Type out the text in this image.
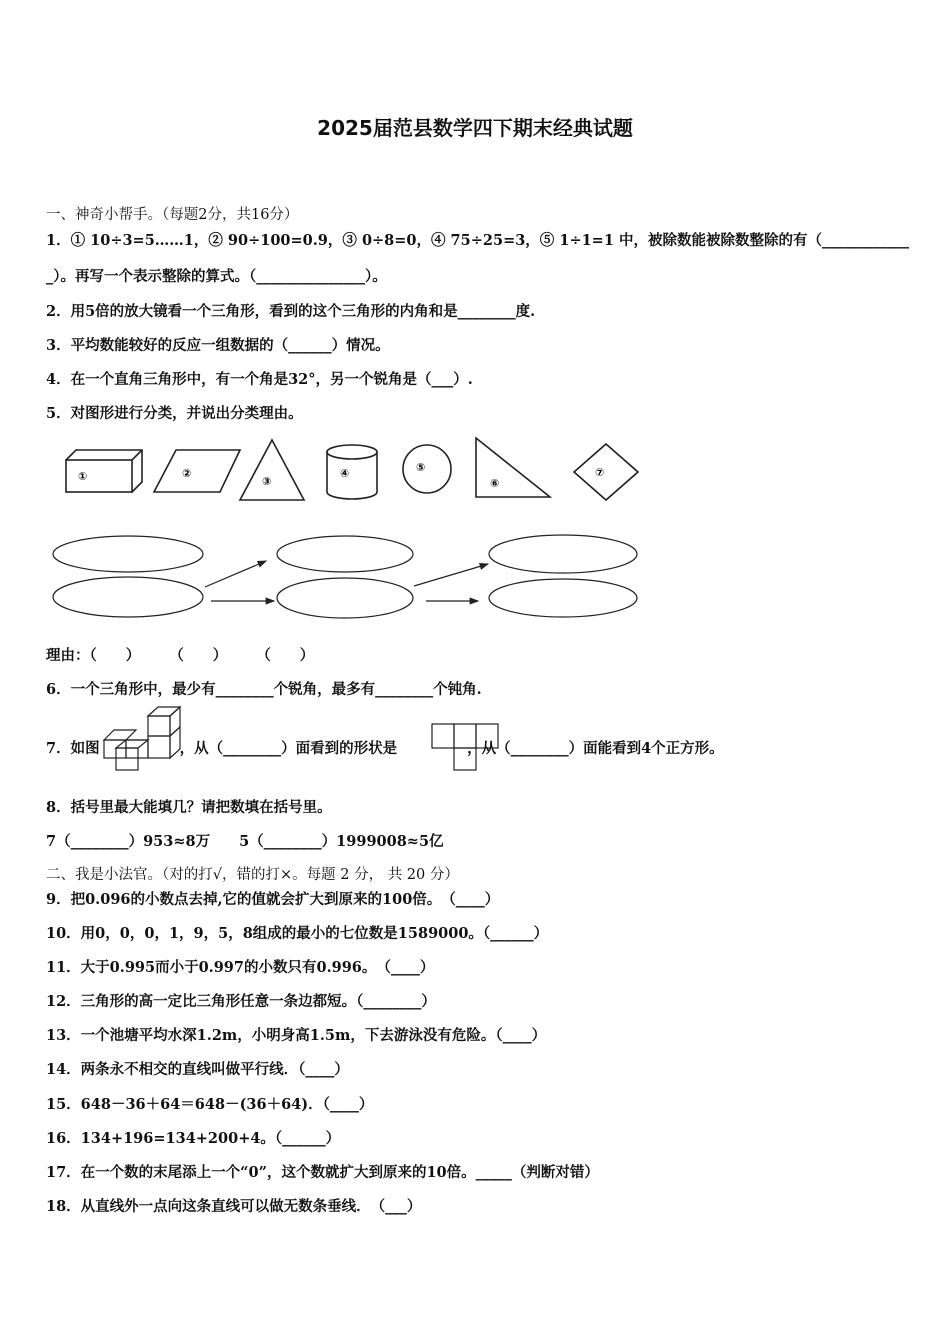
2025届范县数学四下期末经典试题
一、神奇小帮手。（每题2分，共16分）
1．① 10÷3=5……1，② 90÷100=0.9，③ 0÷8=0，④ 75÷25=3，⑤ 1÷1=1 中，被除数能被除数整除的有（____________
_）。再写一个表示整除的算式。（_______________）。
2．用5倍的放大镜看一个三角形，看到的这个三角形的内角和是________度.
3．平均数能较好的反应一组数据的（______）情况。
4．在一个直角三角形中，有一个角是32°，另一个锐角是（___）.
5．对图形进行分类，并说出分类理由。
①	②
③
④	⑤
⑥
⑦
理由：（　　）　　　（　　）　　　（　　）
6．一个三角形中，最少有________个锐角，最多有________个钝角.
7．如图	，从（________）面看到的形状是	，从（________）面能看到4个正方形。
8．括号里最大能填几？请把数填在括号里。
7（________）953≈8万　　5（________）1999008≈5亿
二、我是小法官。（对的打√，错的打×。每题 2 分， 共 20 分）
9．把0.096的小数点去掉,它的值就会扩大到原来的100倍。　（____）
10．用0，0，0，1，9，5，8组成的最小的七位数是1589000。（______）
11．大于0.995而小于0.997的小数只有0.996。　（____）
12．三角形的高一定比三角形任意一条边都短。（________）
13．一个池塘平均水深1.2m，小明身高1.5m，下去游泳没有危险。（____）
14．两条永不相交的直线叫做平行线．（____）
15．648－36＋64＝648－(36＋64)．（____）
16．134+196=134+200+4。（______）
17．在一个数的末尾添上一个“0”，这个数就扩大到原来的10倍。_____（判断对错）
18．从直线外一点向这条直线可以做无数条垂线．　（___）
